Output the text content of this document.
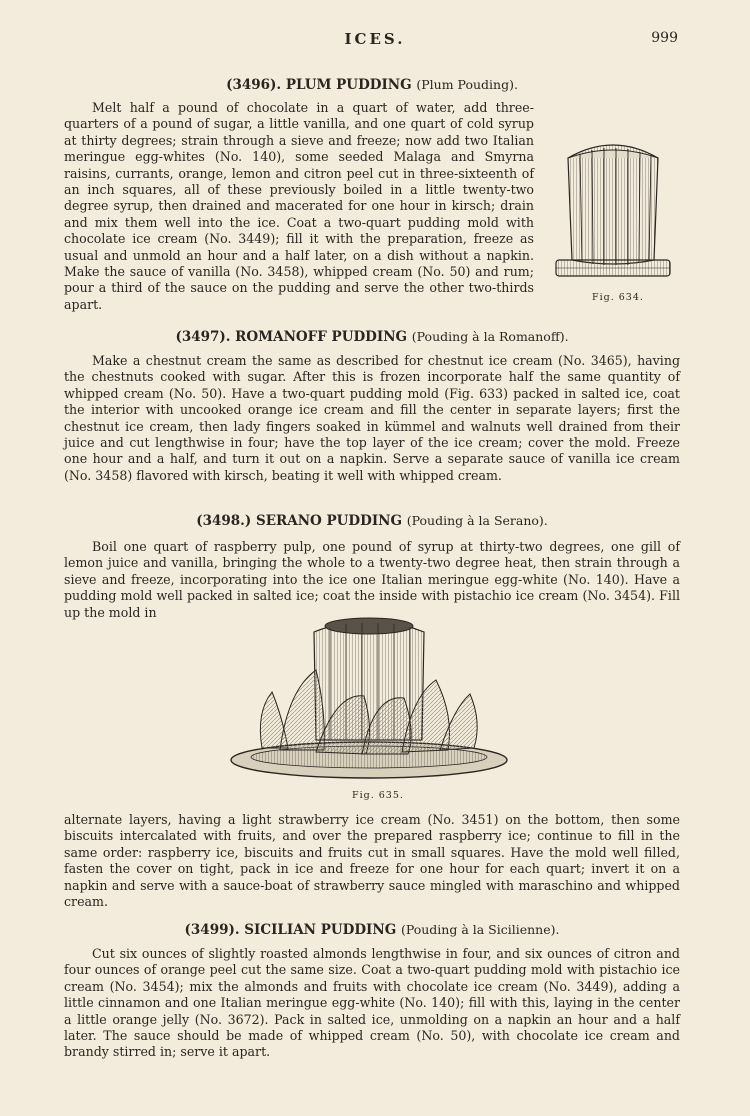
ICES.	999
(3496). PLUM PUDDING (Plum Pouding).

Melt half a pound of chocolate in a quart of water, add three-quarters of a pound of sugar, a little vanilla, and one quart of cold syrup at thirty degrees; strain through a sieve and freeze; now add two Italian meringue egg-whites (No. 140), some seeded Malaga and Smyrna raisins, currants, orange, lemon and citron peel cut in three-sixteenth of an inch squares, all of these previously boiled in a little twenty-two degree syrup, then drained and macerated for one hour in kirsch; drain and mix them well into the ice. Coat a two-quart pudding mold with chocolate ice cream (No. 3449); fill it with the preparation, freeze as usual and unmold an hour and a half later, on a dish without a napkin. Make the sauce of vanilla (No. 3458), whipped cream (No. 50) and rum; pour a third of the sauce on the pudding and serve the other two-thirds apart.	Fig. 634.
(3497). ROMANOFF PUDDING (Pouding à la Romanoff).

Make a chestnut cream the same as described for chestnut ice cream (No. 3465), having the chestnuts cooked with sugar. After this is frozen incorporate half the same quantity of whipped cream (No. 50). Have a two-quart pudding mold (Fig. 633) packed in salted ice, coat the interior with uncooked orange ice cream and fill the center in separate layers; first the chestnut ice cream, then lady fingers soaked in kümmel and walnuts well drained from their juice and cut lengthwise in four; have the top layer of the ice cream; cover the mold. Freeze one hour and a half, and turn it out on a napkin. Serve a separate sauce of vanilla ice cream (No. 3458) flavored with kirsch, beating it well with whipped cream.

(3498.) SERANO PUDDING (Pouding à la Serano).

Boil one quart of raspberry pulp, one pound of syrup at thirty-two degrees, one gill of lemon juice and vanilla, bringing the whole to a twenty-two degree heat, then strain through a sieve and freeze, incorporating into the ice one Italian meringue egg-white (No. 140). Have a pudding mold well packed in salted ice; coat the inside with pistachio ice cream (No. 3454). Fill up the mold in

Fig. 635.

alternate layers, having a light strawberry ice cream (No. 3451) on the bottom, then some biscuits intercalated with fruits, and over the prepared raspberry ice; continue to fill in the same order: raspberry ice, biscuits and fruits cut in small squares. Have the mold well filled, fasten the cover on tight, pack in ice and freeze for one hour for each quart; invert it on a napkin and serve with a sauce-boat of strawberry sauce mingled with maraschino and whipped cream.

(3499). SICILIAN PUDDING (Pouding à la Sicilienne).

Cut six ounces of slightly roasted almonds lengthwise in four, and six ounces of citron and four ounces of orange peel cut the same size. Coat a two-quart pudding mold with pistachio ice cream (No. 3454); mix the almonds and fruits with chocolate ice cream (No. 3449), adding a little cinnamon and one Italian meringue egg-white (No. 140); fill with this, laying in the center a little orange jelly (No. 3672). Pack in salted ice, unmolding on a napkin an hour and a half later. The sauce should be made of whipped cream (No. 50), with chocolate ice cream and brandy stirred in; serve it apart.
